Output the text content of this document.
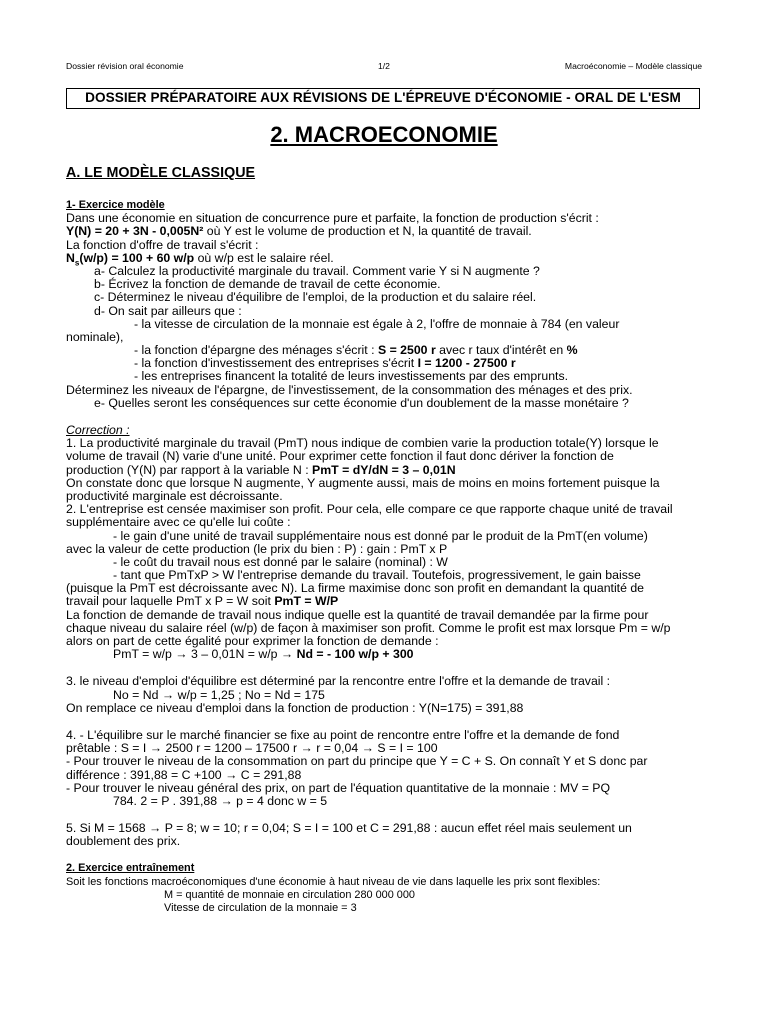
Dossier révision oral économie	1/2	Macroéconomie – Modèle classique
DOSSIER PRÉPARATOIRE AUX RÉVISIONS DE L'ÉPREUVE D'ÉCONOMIE - ORAL DE L'ESM
2. MACROECONOMIE
A. LE MODÈLE CLASSIQUE
1- Exercice modèle
Dans une économie en situation de concurrence pure et parfaite, la fonction de production s'écrit :
Y(N) = 20 + 3N - 0,005N² où Y est le volume de production et N, la quantité de travail.
La fonction d'offre de travail s'écrit :
$N_s(w/p) = 100 + 60$ w/p où w/p est le salaire réel.
a- Calculez la productivité marginale du travail. Comment varie Y si N augmente ?
b- Écrivez la fonction de demande de travail de cette économie.
c- Déterminez le niveau d'équilibre de l'emploi, de la production et du salaire réel.
d- On sait par ailleurs que :
- la vitesse de circulation de la monnaie est égale à 2, l'offre de monnaie à 784 (en valeur
nominale),
- la fonction d'épargne des ménages s'écrit : S = 2500 r avec r taux d'intérêt en %
- la fonction d'investissement des entreprises s'écrit I = 1200 - 27500 r
- les entreprises financent la totalité de leurs investissements par des emprunts.
Déterminez les niveaux de l'épargne, de l'investissement, de la consommation des ménages et des prix.
e- Quelles seront les conséquences sur cette économie d'un doublement de la masse monétaire ?
Correction :
1. La productivité marginale du travail (PmT) nous indique de combien varie la production totale(Y) lorsque le
volume de travail (N) varie d'une unité. Pour exprimer cette fonction il faut donc dériver la fonction de
production (Y(N) par rapport à la variable N : PmT = dY/dN = 3 – 0,01N
On constate donc que lorsque N augmente, Y augmente aussi, mais de moins en moins fortement puisque la
productivité marginale est décroissante.
2. L'entreprise est censée maximiser son profit. Pour cela, elle compare ce que rapporte chaque unité de travail
supplémentaire avec ce qu'elle lui coûte :
- le gain d'une unité de travail supplémentaire nous est donné par le produit de la PmT(en volume)
avec la valeur de cette production (le prix du bien : P) : gain : PmT x P
- le coût du travail nous est donné par le salaire (nominal) : W
- tant que PmTxP > W l'entreprise demande du travail. Toutefois, progressivement, le gain baisse
(puisque la PmT est décroissante avec N). La firme maximise donc son profit en demandant la quantité de
travail pour laquelle PmT x P = W soit PmT = W/P
La fonction de demande de travail nous indique quelle est la quantité de travail demandée par la firme pour
chaque niveau du salaire réel (w/p) de façon à maximiser son profit. Comme le profit est max lorsque Pm = w/p
alors on part de cette égalité pour exprimer la fonction de demande :
PmT = w/p → 3 – 0,01N = w/p → Nd = - 100 w/p + 300
3. le niveau d'emploi d'équilibre est déterminé par la rencontre entre l'offre et la demande de travail :
No = Nd → w/p = 1,25 ; No = Nd = 175
On remplace ce niveau d'emploi dans la fonction de production : Y(N=175) = 391,88
4. - L'équilibre sur le marché financier se fixe au point de rencontre entre l'offre et la demande de fond
prêtable : S = I → 2500 r = 1200 – 17500 r → r = 0,04 → S = I = 100
- Pour trouver le niveau de la consommation on part du principe que Y = C + S. On connaît Y et S donc par
différence : 391,88 = C +100 → C = 291,88
- Pour trouver le niveau général des prix, on part de l'équation quantitative de la monnaie : MV = PQ
784. 2 = P . 391,88 → p = 4 donc w = 5
5. Si M = 1568 → P = 8; w = 10; r = 0,04; S = I = 100 et C = 291,88 : aucun effet réel mais seulement un
doublement des prix.
2. Exercice entraînement
Soit les fonctions macroéconomiques d'une économie à haut niveau de vie dans laquelle les prix sont flexibles:
M = quantité de monnaie en circulation 280 000 000
Vitesse de circulation de la monnaie = 3
